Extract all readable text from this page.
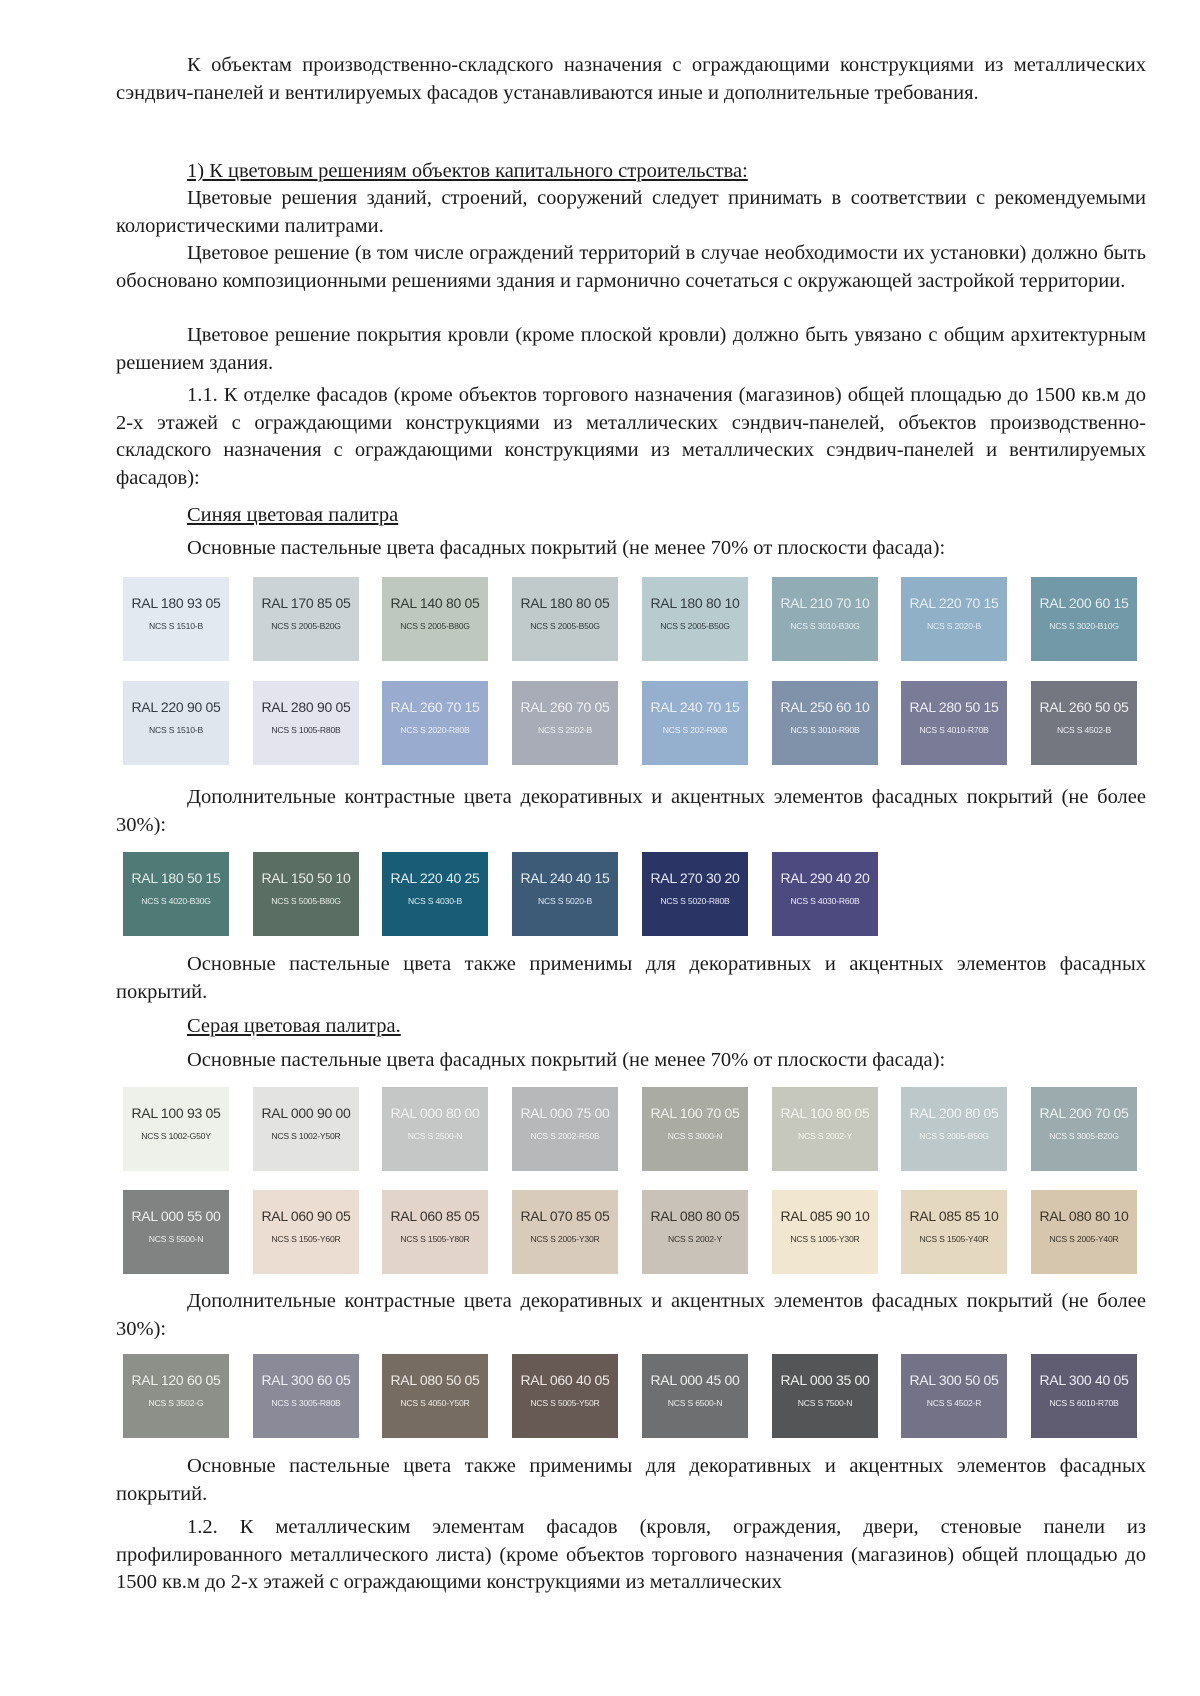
К объектам производственно-складского назначения с ограждающими конструкциями из металлических сэндвич-панелей и вентилируемых фасадов устанавливаются иные и дополнительные требования.

1) К цветовым решениям объектов капитального строительства:

Цветовые решения зданий, строений, сооружений следует принимать в соответствии с рекомендуемыми колористическими палитрами.

Цветовое решение (в том числе ограждений территорий в случае необходимости их установки) должно быть обосновано композиционными решениями здания и гармонично сочетаться с окружающей застройкой территории.

Цветовое решение покрытия кровли (кроме плоской кровли) должно быть увязано с общим архитектурным решением здания.

1.1. К отделке фасадов (кроме объектов торгового назначения (магазинов) общей площадью до 1500 кв.м до 2-х этажей с ограждающими конструкциями из металлических сэндвич-панелей, объектов производственно-складского назначения с ограждающими конструкциями из металлических сэндвич-панелей и вентилируемых фасадов):

Синяя цветовая палитра

Основные пастельные цвета фасадных покрытий (не менее 70% от плоскости фасада):

RAL 180 93 05
NCS S 1510-B
RAL 170 85 05
NCS S 2005-B20G
RAL 140 80 05
NCS S 2005-B80G
RAL 180 80 05
NCS S 2005-B50G
RAL 180 80 10
NCS S 2005-B50G
RAL 210 70 10
NCS S 3010-B30G
RAL 220 70 15
NCS S 2020-B
RAL 200 60 15
NCS S 3020-B10G
RAL 220 90 05
NCS S 1510-B
RAL 280 90 05
NCS S 1005-R80B
RAL 260 70 15
NCS S 2020-R80B
RAL 260 70 05
NCS S 2502-B
RAL 240 70 15
NCS S 202-R90B
RAL 250 60 10
NCS S 3010-R90B
RAL 280 50 15
NCS S 4010-R70B
RAL 260 50 05
NCS S 4502-B

Дополнительные контрастные цвета декоративных и акцентных элементов фасадных покрытий (не более 30%):

RAL 180 50 15
NCS S 4020-B30G
RAL 150 50 10
NCS S 5005-B80G
RAL 220 40 25
NCS S 4030-B
RAL 240 40 15
NCS S 5020-B
RAL 270 30 20
NCS S 5020-R80B
RAL 290 40 20
NCS S 4030-R60B

Основные пастельные цвета также применимы для декоративных и акцентных элементов фасадных покрытий.

Серая цветовая палитра.

Основные пастельные цвета фасадных покрытий (не менее 70% от плоскости фасада):

RAL 100 93 05
NCS S 1002-G50Y
RAL 000 90 00
NCS S 1002-Y50R
RAL 000 80 00
NCS S 2500-N
RAL 000 75 00
NCS S 2002-R50B
RAL 100 70 05
NCS S 3000-N
RAL 100 80 05
NCS S 2002-Y
RAL 200 80 05
NCS S 2005-B50G
RAL 200 70 05
NCS S 3005-B20G
RAL 000 55 00
NCS S 5500-N
RAL 060 90 05
NCS S 1505-Y60R
RAL 060 85 05
NCS S 1505-Y80R
RAL 070 85 05
NCS S 2005-Y30R
RAL 080 80 05
NCS S 2002-Y
RAL 085 90 10
NCS S 1005-Y30R
RAL 085 85 10
NCS S 1505-Y40R
RAL 080 80 10
NCS S 2005-Y40R

Дополнительные контрастные цвета декоративных и акцентных элементов фасадных покрытий (не более 30%):

RAL 120 60 05
NCS S 3502-G
RAL 300 60 05
NCS S 3005-R80B
RAL 080 50 05
NCS S 4050-Y50R
RAL 060 40 05
NCS S 5005-Y50R
RAL 000 45 00
NCS S 6500-N
RAL 000 35 00
NCS S 7500-N
RAL 300 50 05
NCS S 4502-R
RAL 300 40 05
NCS S 6010-R70B

Основные пастельные цвета также применимы для декоративных и акцентных элементов фасадных покрытий.

1.2. К металлическим элементам фасадов (кровля, ограждения, двери, стеновые панели из профилированного металлического листа) (кроме объектов торгового назначения (магазинов) общей площадью до 1500 кв.м до 2-х этажей с ограждающими конструкциями из металлических
